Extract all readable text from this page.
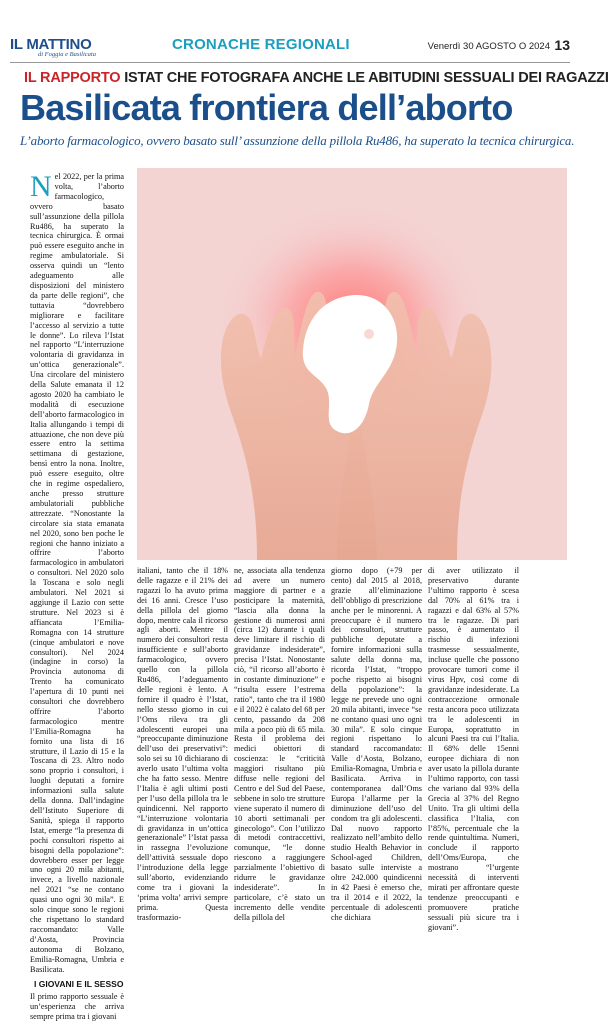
IL MATTINO
di Foggia e Basilicata
CRONACHE REGIONALI	Venerdì 30 AGOSTO O 2024 13
IL RAPPORTO ISTAT CHE FOTOGRAFA ANCHE LE ABITUDINI SESSUALI DEI RAGAZZI
Basilicata frontiera dell’aborto
L’aborto farmacologico, ovvero basato sull’ assunzione della pillola Ru486, ha superato la tecnica chirurgica.

Nel 2022, per la prima volta, l’aborto farmacologico, ovvero basato sull’assunzione della pillola Ru486, ha superato la tecnica chirurgica. È ormai può essere eseguito anche in regime ambulatoriale. Si osserva quindi un “lento adeguamento alle disposizioni del ministero da parte delle regioni”, che tuttavia “dovrebbero migliorare e facilitare l’accesso al servizio a tutte le donne”. Lo rileva l’Istat nel rapporto “L’interruzione volontaria di gravidanza in un’ottica generazionale”. Una circolare del ministero della Salute emanata il 12 agosto 2020 ha cambiato le modalità di esecuzione dell’aborto farmacologico in Italia allungando i tempi di attuazione, che non deve più essere entro la settima settimana di gestazione, bensì entro la nona. Inoltre, può essere eseguito, oltre che in regime ospedaliero, anche presso strutture ambulatoriali pubbliche attrezzate. “Nonostante la circolare sia stata emanata nel 2020, sono ben poche le regioni che hanno iniziato a offrire l’aborto farmacologico in ambulatori o consultori. Nel 2020 solo la Toscana e solo negli ambulatori. Nel 2021 si aggiunge il Lazio con sette strutture. Nel 2023 si è affiancata l’Emilia-Romagna con 14 strutture (cinque ambulatori e nove consultori). Nel 2024 (indagine in corso) la Provincia autonoma di Trento ha comunicato l’apertura di 10 punti nei consultori che dovrebbero offrire l’aborto farmacologico mentre l’Emilia-Romagna ha fornito una lista di 16 strutture, il Lazio di 15 e la Toscana di 23. Altro nodo sono proprio i consultori, i luoghi deputati a fornire informazioni sulla salute della donna. Dall’indagine dell’Istituto Superiore di Sanità, spiega il rapporto Istat, emerge “la presenza di pochi consultori rispetto ai bisogni della popolazione”: dovrebbero esser per legge uno ogni 20 mila abitanti, invece, a livello nazionale nel 2021 “se ne contano quasi uno ogni 30 mila”. E solo cinque sono le regioni che rispettano lo standard raccomandato: Valle d’Aosta, Provincia autonoma di Bolzano, Emilia-Romagna, Umbria e Basilicata.

I GIOVANI E IL SESSO

Il primo rapporto sessuale è un’esperienza che arriva sempre prima tra i giovani

italiani, tanto che il 18% delle ragazze e il 21% dei ragazzi lo ha avuto prima dei 16 anni. Cresce l’uso della pillola del giorno dopo, mentre cala il ricorso agli aborti. Mentre il numero dei consultori resta insufficiente e sull’aborto farmacologico, ovvero quello con la pillola Ru486, l’adeguamento delle regioni è lento. A fornire il quadro è l’Istat, nello stesso giorno in cui l’Oms rileva tra gli adolescenti europei una “preoccupante diminuzione dell’uso dei preservativi”: solo sei su 10 dichiarano di averlo usato l’ultima volta che ha fatto sesso. Mentre l’Italia è agli ultimi posti per l’uso della pillola tra le quindicenni. Nel rapporto “L’interruzione volontaria di gravidanza in un’ottica generazionale” l’Istat passa in rassegna l’evoluzione dell’attività sessuale dopo l’introduzione della legge sull’aborto, evidenziando come tra i giovani la ‘prima volta’ arrivi sempre prima. Questa trasformazio-
ne, associata alla tendenza ad avere un numero maggiore di partner e a posticipare la maternità, “lascia alla donna la gestione di numerosi anni (circa 12) durante i quali deve limitare il rischio di gravidanze indesiderate”, precisa l’Istat. Nonostante ciò, “il ricorso all’aborto è in costante diminuzione” e “risulta essere l’estrema ratio”, tanto che tra il 1980 e il 2022 è calato del 68 per cento, passando da 208 mila a poco più di 65 mila. Resta il problema dei medici obiettori di coscienza: le “criticità maggiori risultano più diffuse nelle regioni del Centro e del Sud del Paese, sebbene in solo tre strutture viene superato il numero di 10 aborti settimanali per ginecologo”. Con l’utilizzo di metodi contraccettivi, comunque, “le donne riescono a raggiungere parzialmente l’obiettivo di ridurre le gravidanze indesiderate”. In particolare, c’è stato un incremento delle vendite della pillola del
giorno dopo (+79 per cento) dal 2015 al 2018, grazie all’eliminazione dell’obbligo di prescrizione anche per le minorenni. A preoccupare è il numero dei consultori, strutture pubbliche deputate a fornire informazioni sulla salute della donna ma, ricorda l’Istat, “troppo poche rispetto ai bisogni della popolazione”: la legge ne prevede uno ogni 20 mila abitanti, invece “se ne contano quasi uno ogni 30 mila”. E solo cinque regioni rispettano lo standard raccomandato: Valle d’Aosta, Bolzano, Emilia-Romagna, Umbria e Basilicata. Arriva in contemporanea dall’Oms Europa l’allarme per la diminuzione dell’uso del condom tra gli adolescenti. Dal nuovo rapporto realizzato nell’ambito dello studio Health Behavior in School-aged Children, basato sulle interviste a oltre 242.000 quindicenni in 42 Paesi è emerso che, tra il 2014 e il 2022, la percentuale di adolescenti che dichiara
di aver utilizzato il preservativo durante l’ultimo rapporto è scesa dal 70% al 61% tra i ragazzi e dal 63% al 57% tra le ragazze. Di pari passo, è aumentato il rischio di infezioni trasmesse sessualmente, incluse quelle che possono provocare tumori come il virus Hpv, così come di gravidanze indesiderate. La contraccezione ormonale resta ancora poco utilizzata tra le adolescenti in Europa, soprattutto in alcuni Paesi tra cui l’Italia. Il 68% delle 15enni europee dichiara di non aver usato la pillola durante l’ultimo rapporto, con tassi che variano dal 93% della Grecia al 37% del Regno Unito. Tra gli ultimi della classifica l’Italia, con l’85%, percentuale che la rende quintultima. Numeri, conclude il rapporto dell’Oms/Europa, che mostrano “l’urgente necessità di interventi mirati per affrontare queste tendenze preoccupanti e promuovere pratiche sessuali più sicure tra i giovani”.
